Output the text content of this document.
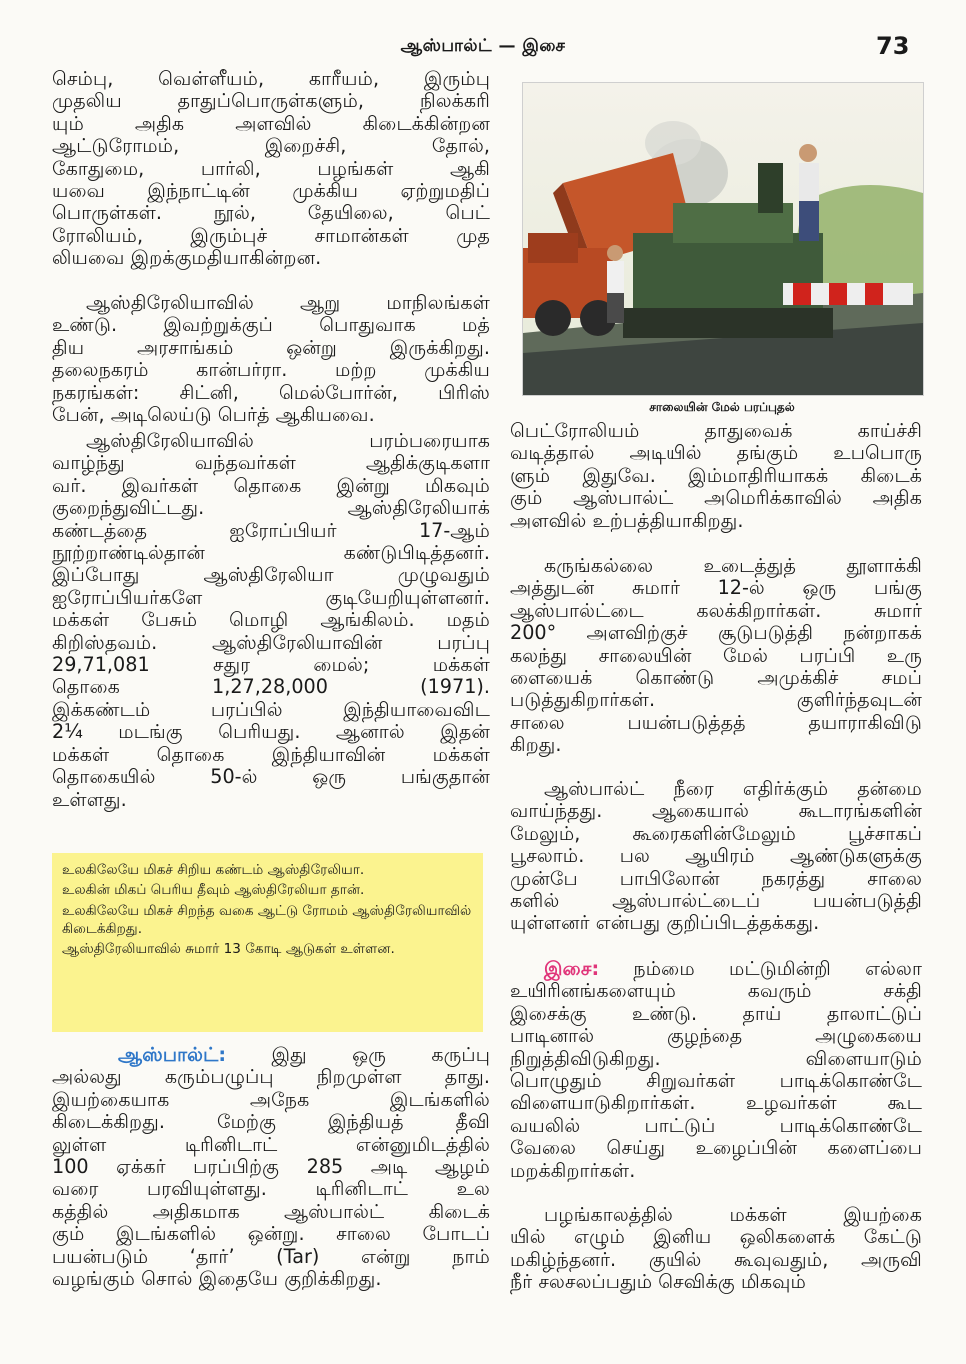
ஆஸ்பால்ட் — இசை	73

செம்பு, வெள்ளீயம், காரீயம், இரும்பு

முதலிய தாதுப்பொருள்களும், நிலக்கரி

யும் அதிக அளவில் கிடைக்கின்றன

ஆட்டுரோமம், இறைச்சி, தோல்,

கோதுமை, பார்லி, பழங்கள் ஆகி

யவை இந்நாட்டின் முக்கிய ஏற்றுமதிப்

பொருள்கள். நூல், தேயிலை, பெட்

ரோலியம், இரும்புச் சாமான்கள் முத

லியவை இறக்குமதியாகின்றன.

ஆஸ்திரேலியாவில் ஆறு மாநிலங்கள்

உண்டு. இவற்றுக்குப் பொதுவாக மத்

திய அரசாங்கம் ஒன்று இருக்கிறது.

தலைநகரம் கான்பர்ரா. மற்ற முக்கிய

நகரங்கள்: சிட்னி, மெல்போர்ன், பிரிஸ்

பேன், அடிலெய்டு பெர்த் ஆகியவை.

ஆஸ்திரேலியாவில் பரம்பரையாக

வாழ்ந்து வந்தவர்கள் ஆதிக்குடிகளா

வர். இவர்கள் தொகை இன்று மிகவும்

குறைந்துவிட்டது. ஆஸ்திரேலியாக்

கண்டத்தை ஐரோப்பியர் 17-ஆம்

நூற்றாண்டில்தான் கண்டுபிடித்தனர்.

இப்போது ஆஸ்திரேலியா முழுவதும்

ஐரோப்பியர்களே குடியேறியுள்ளனர்.

மக்கள் பேசும் மொழி ஆங்கிலம். மதம்

கிறிஸ்தவம். ஆஸ்திரேலியாவின் பரப்பு

29,71,081 சதுர மைல்; மக்கள்

தொகை 1,27,28,000 (1971).

இக்கண்டம் பரப்பில் இந்தியாவைவிட

2¼ மடங்கு பெரியது. ஆனால் இதன்

மக்கள் தொகை இந்தியாவின் மக்கள்

தொகையில் 50-ல் ஒரு பங்குதான்

உள்ளது.

உலகிலேயே மிகச் சிறிய கண்டம் ஆஸ்திரேலியா.

உலகின் மிகப் பெரிய தீவும் ஆஸ்திரேலியா தான்.

உலகிலேயே மிகச் சிறந்த வகை ஆட்டு ரோமம் ஆஸ்திரேலியாவில் கிடைக்கிறது.

ஆஸ்திரேலியாவில் சுமார் 13 கோடி ஆடுகள் உள்ளன.

ஆஸ்பால்ட்: இது ஒரு கருப்பு

அல்லது கரும்பழுப்பு நிறமுள்ள தாது.

இயற்கையாக அநேக இடங்களில்

கிடைக்கிறது. மேற்கு இந்தியத் தீவி

லுள்ள டிரினிடாட் என்னுமிடத்தில்

100 ஏக்கர் பரப்பிற்கு 285 அடி ஆழம்

வரை பரவியுள்ளது. டிரினிடாட் உல

கத்தில் அதிகமாக ஆஸ்பால்ட் கிடைக்

கும் இடங்களில் ஒன்று. சாலை போடப்

பயன்படும் ‘தார்’ (Tar) என்று நாம்

வழங்கும் சொல் இதையே குறிக்கிறது.

சாலையின் மேல் பரப்புதல்

பெட்ரோலியம் தாதுவைக் காய்ச்சி

வடித்தால் அடியில் தங்கும் உபபொரு

ளும் இதுவே. இம்மாதிரியாகக் கிடைக்

கும் ஆஸ்பால்ட் அமெரிக்காவில் அதிக

அளவில் உற்பத்தியாகிறது.

கருங்கல்லை உடைத்துத் தூளாக்கி

அத்துடன் சுமார் 12-ல் ஒரு பங்கு

ஆஸ்பால்ட்டை கலக்கிறார்கள். சுமார்

200° அளவிற்குச் சூடுபடுத்தி நன்றாகக்

கலந்து சாலையின் மேல் பரப்பி உரு

ளையைக் கொண்டு அமுக்கிச் சமப்

படுத்துகிறார்கள். குளிர்ந்தவுடன்

சாலை பயன்படுத்தத் தயாராகிவிடு

கிறது.

ஆஸ்பால்ட் நீரை எதிர்க்கும் தன்மை

வாய்ந்தது. ஆகையால் கூடாரங்களின்

மேலும், கூரைகளின்மேலும் பூச்சாகப்

பூசலாம். பல ஆயிரம் ஆண்டுகளுக்கு

முன்பே பாபிலோன் நகரத்து சாலை

களில் ஆஸ்பால்ட்டைப் பயன்படுத்தி

யுள்ளனர் என்பது குறிப்பிடத்தக்கது.

இசை: நம்மை மட்டுமின்றி எல்லா

உயிரினங்களையும் கவரும் சக்தி

இசைக்கு உண்டு. தாய் தாலாட்டுப்

பாடினால் குழந்தை அழுகையை

நிறுத்திவிடுகிறது. விளையாடும்

பொழுதும் சிறுவர்கள் பாடிக்கொண்டே

விளையாடுகிறார்கள். உழவர்கள் கூட

வயலில் பாட்டுப் பாடிக்கொண்டே

வேலை செய்து உழைப்பின் களைப்பை

மறக்கிறார்கள்.

பழங்காலத்தில் மக்கள் இயற்கை

யில் எழும் இனிய ஒலிகளைக் கேட்டு

மகிழ்ந்தனர். குயில் கூவுவதும், அருவி

நீர் சலசலப்பதும் செவிக்கு மிகவும்
